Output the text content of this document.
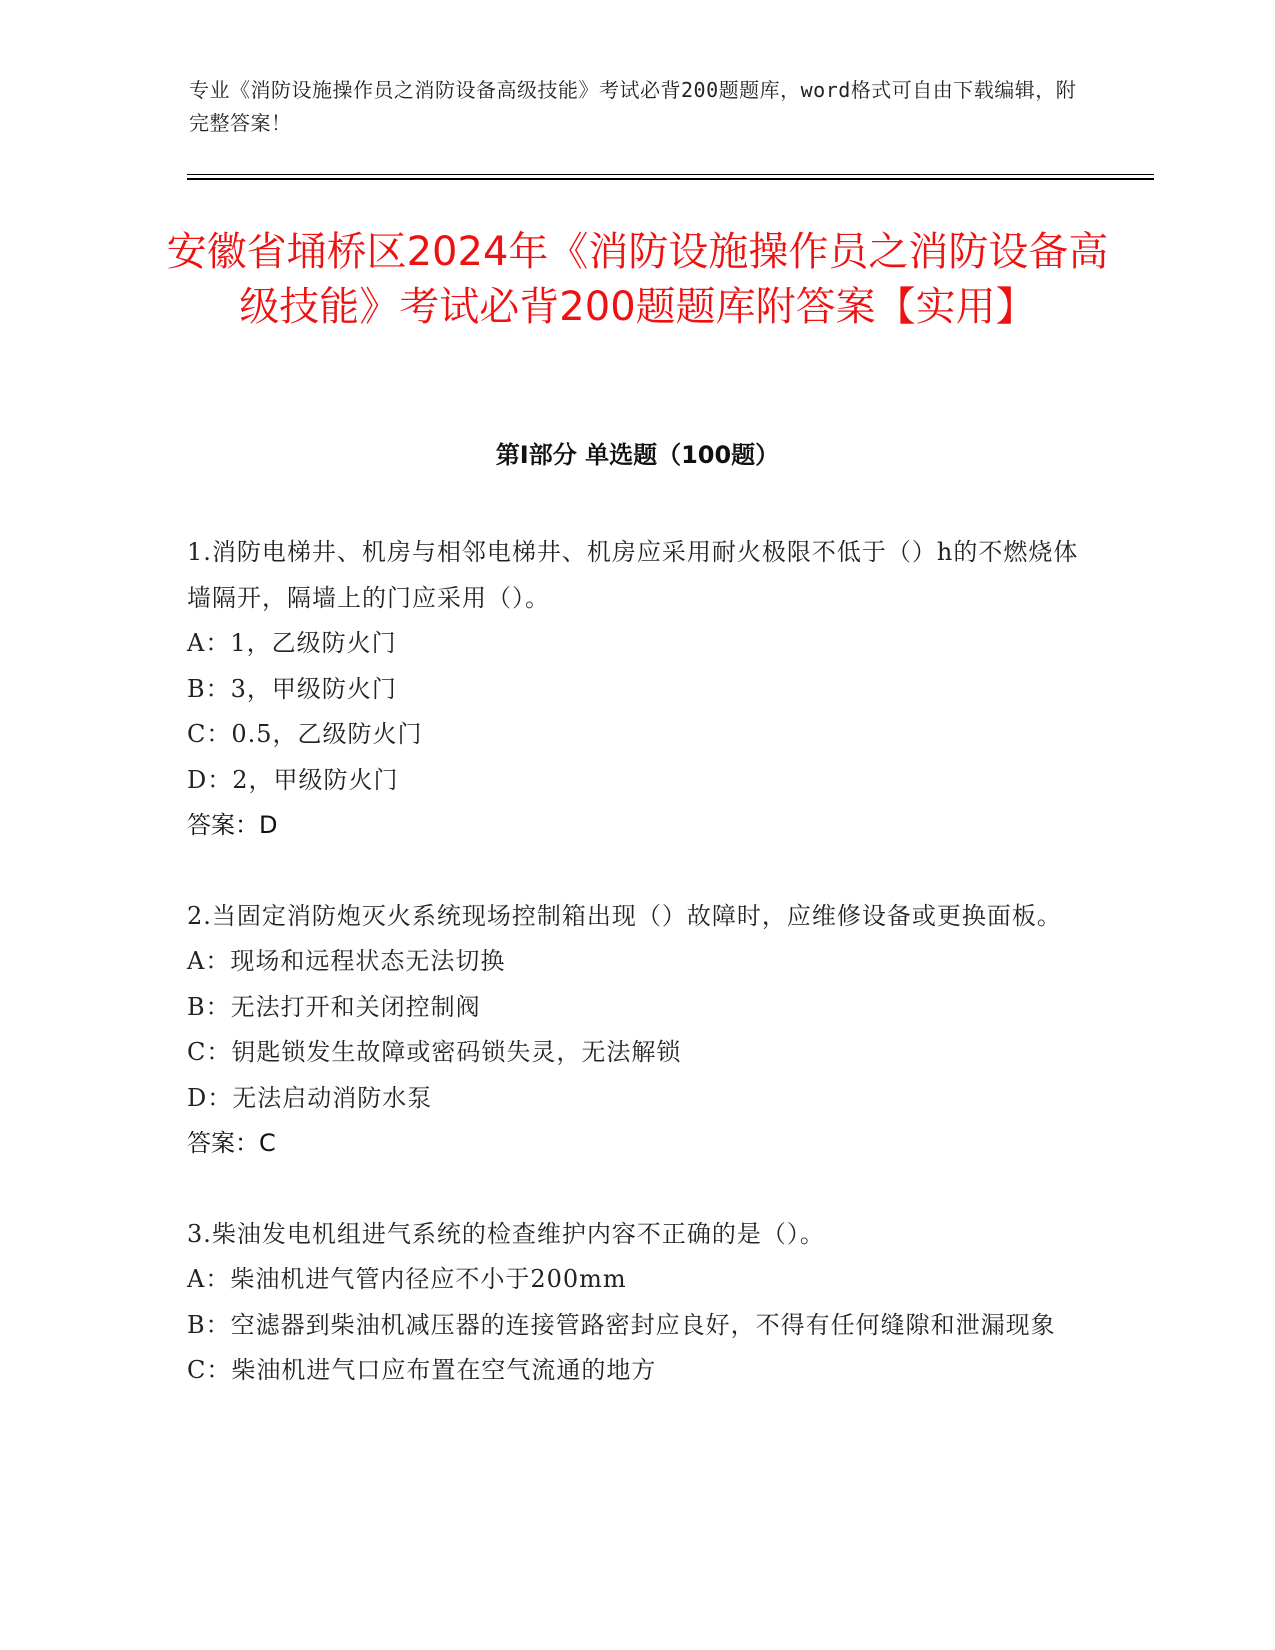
专业《消防设施操作员之消防设备高级技能》考试必背200题题库，word格式可自由下载编辑，附完整答案！
安徽省埇桥区2024年《消防设施操作员之消防设备高级技能》考试必背200题题库附答案【实用】
第I部分 单选题（100题）
1.消防电梯井、机房与相邻电梯井、机房应采用耐火极限不低于（）h的不燃烧体墙隔开，隔墙上的门应采用（）。
A：1，乙级防火门
B：3，甲级防火门
C：0.5，乙级防火门
D：2，甲级防火门
答案：D
2.当固定消防炮灭火系统现场控制箱出现（）故障时，应维修设备或更换面板。
A：现场和远程状态无法切换
B：无法打开和关闭控制阀
C：钥匙锁发生故障或密码锁失灵，无法解锁
D：无法启动消防水泵
答案：C
3.柴油发电机组进气系统的检查维护内容不正确的是（）。
A：柴油机进气管内径应不小于200mm
B：空滤器到柴油机减压器的连接管路密封应良好，不得有任何缝隙和泄漏现象
C：柴油机进气口应布置在空气流通的地方
